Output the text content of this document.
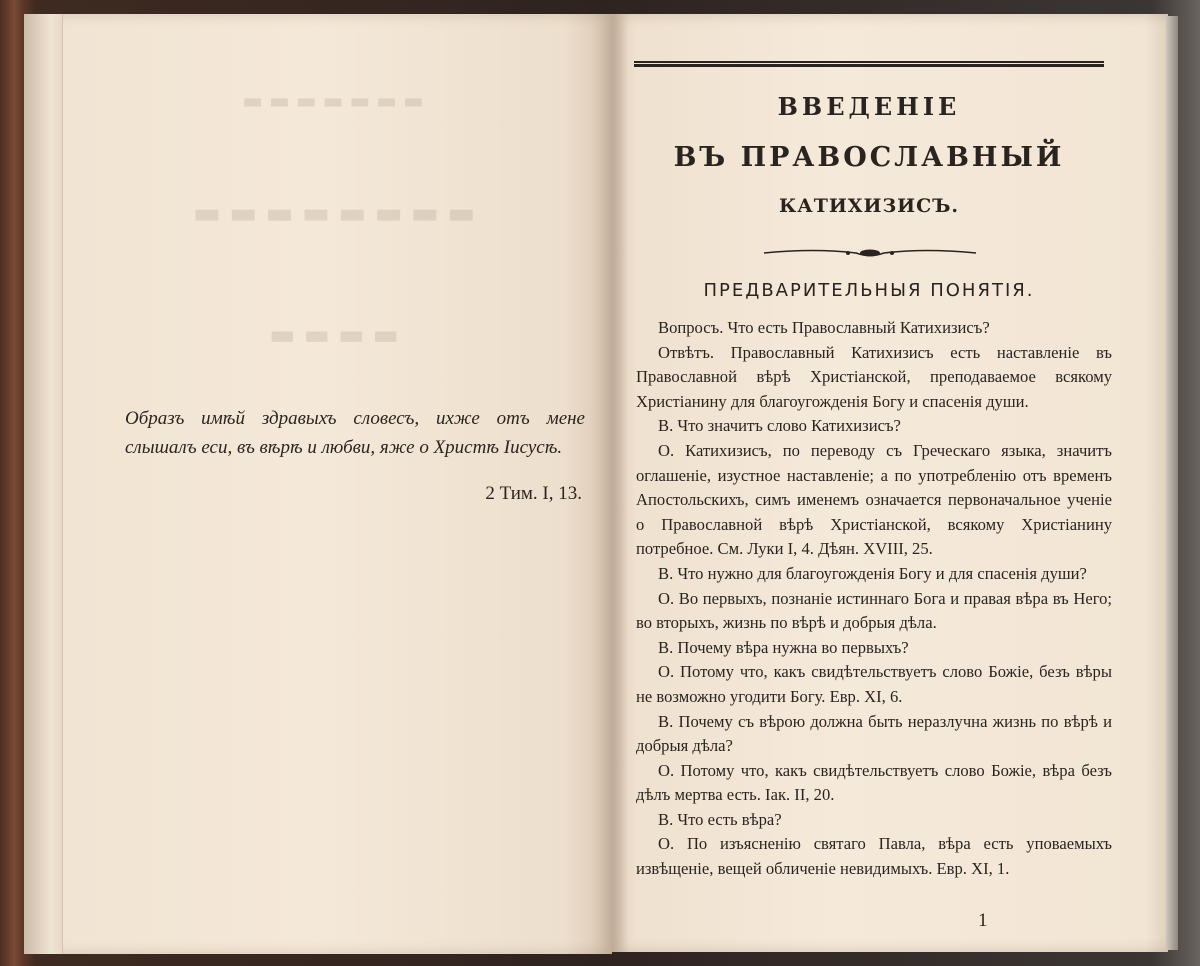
▬▬▬▬▬▬▬
▬▬▬▬▬▬▬▬
▬▬▬▬
Образъ имѣй здравыхъ словесъ, ихже отъ мене слышалъ еси, въ вѣрѣ и любви, яже о Христѣ Іисусѣ.
2 Тим. I, 13.
ВВЕДЕНІЕ
ВЪ ПРАВОСЛАВНЫЙ
КАТИХИЗИСЪ.
ПРЕДВАРИТЕЛЬНЫЯ ПОНЯТІЯ.

Вопросъ. Что есть Православный Катихизисъ?

Отвѣтъ. Православный Катихизисъ есть наставленіе въ Православной вѣрѣ Христіанской, преподаваемое всякому Христіанину для благоугожденія Богу и спасенія души.

В. Что значитъ слово Катихизисъ?

О. Катихизисъ, по переводу съ Греческаго языка, значитъ оглашеніе, изустное наставленіе; а по употребленію отъ временъ Апостольскихъ, симъ именемъ означается первоначальное ученіе о Православной вѣрѣ Христіанской, всякому Христіанину потребное. См. Луки I, 4. Дѣян. XVIII, 25.

В. Что нужно для благоугожденія Богу и для спасенія души?

О. Во первыхъ, познаніе истиннаго Бога и правая вѣра въ Него; во вторыхъ, жизнь по вѣрѣ и добрыя дѣла.

В. Почему вѣра нужна во первыхъ?

О. Потому что, какъ свидѣтельствуетъ слово Божіе, безъ вѣры не возможно угодити Богу. Евр. XI, 6.

В. Почему съ вѣрою должна быть неразлучна жизнь по вѣрѣ и добрыя дѣла?

О. Потому что, какъ свидѣтельствуетъ слово Божіе, вѣра безъ дѣлъ мертва есть. Іак. II, 20.

В. Что есть вѣра?

О. По изъясненію святаго Павла, вѣра есть уповаемыхъ извѣщеніе, вещей обличеніе невидимыхъ. Евр. XI, 1.

1
